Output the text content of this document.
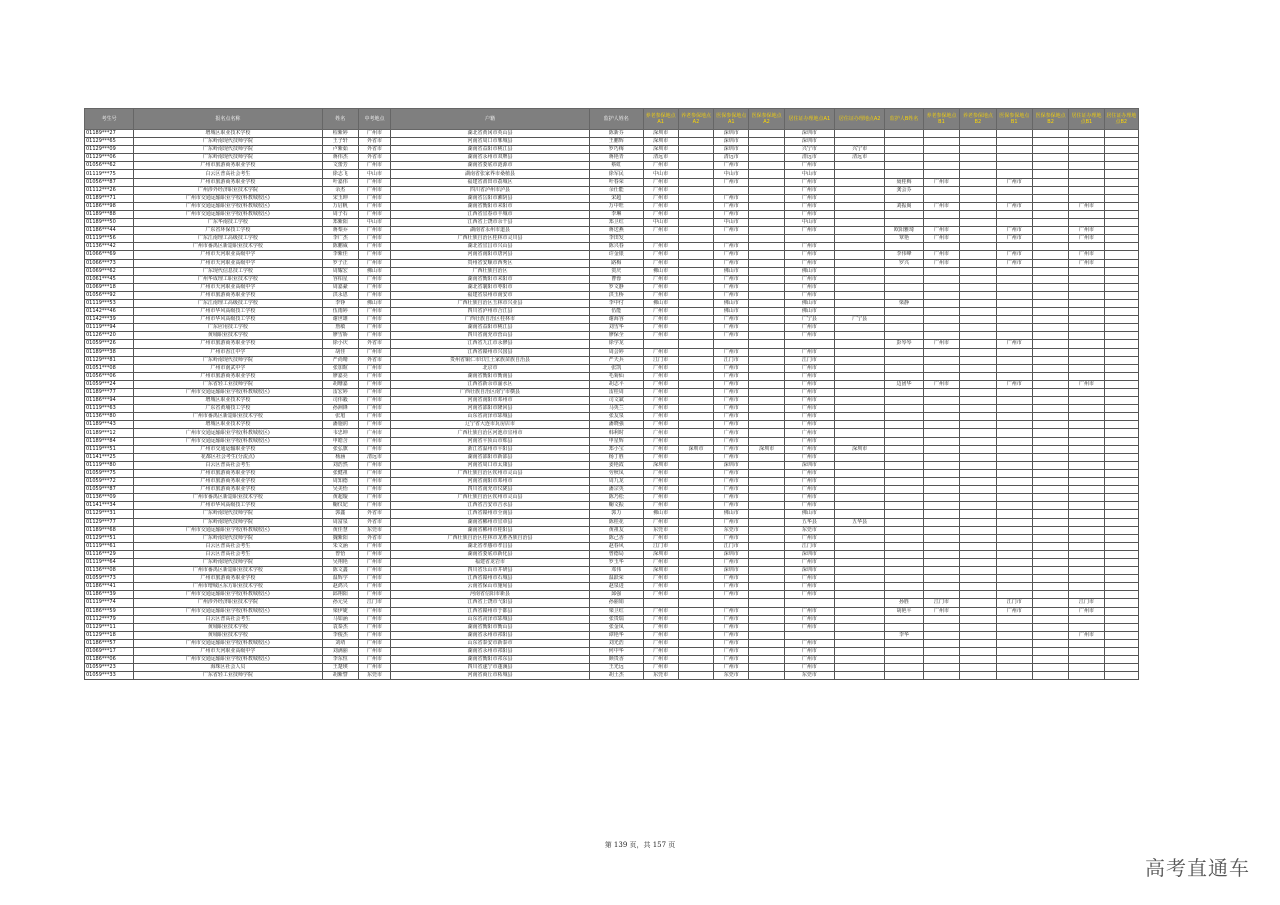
考生号	报名点名称	姓名	中考地点	户籍	监护人姓名	养老参保地点A1	养老参保地点A2	医保参保地点A1	医保参保地点A2	居住证办理地点A1	居住证办理地点A2	监护人B姓名	养老参保地点B1	养老参保地点B2	医保参保地点B1	医保参保地点B2	居住证办理地点B1	居住证办理地点B2
01189***27	增城区职业技术学校	程紫婷	广州市	湖北省黄冈市英山县	陈新芬	深圳市		深圳市		深圳市								
01129***65	广东岭南现代技师学院	王子轩	外省市	河南省周口市郸城县	王鹏辉	深圳市		深圳市		深圳市								
01129***09	广东岭南现代技师学院	卢紫茹	外省市	湖南省益阳市桃江县	罗巧梅	深圳市		深圳市		兴宁市	兴宁市							
01129***06	广东岭南现代技师学院	蒋伟杰	外省市	湖南省永州市双牌县	蒋艳青	清远市		清远市		清远市	清远市							
01056***62	广州市旅游商务职业学校	文蕾芳	广州市	湖南省娄底市涟源市	蔡虹	广州市		广州市		广州市								
01119***75	白云区普高社会考生	徐志飞	中山市	湖南省张家界市桑植县	徐军民	中山市		中山市		中山市								
01056***87	广州市旅游商务职业学校	叶嘉伟	广州市	福建省莆田市荔城区	叶春荣	广州市		广州市		广州市		聂桂梅	广州市		广州市			
01112***26	广州涉外经济职业技术学院	余杰	广州市	四川省泸州市泸县	余仕能	广州市				广州市		龚会芬						
01189***71	广州市交通运输职业学校(科教城校区)	宋玉坤	广州市	湖南省岳阳市湘阴县	宋超	广州市		广州市		广州市								
01186***98	广州市交通运输职业学校(科教城校区)	万启帆	广州市	湖南省衡阳市耒阳市	万中旺	广州市		广州市		广州市		刘振阁	广州市		广州市		广州市	
01189***88	广州市交通运输职业学校(科教城校区)	周子石	广州市	江西省宜春市丰城市	李琳	广州市		广州市		广州市								
01189***50	广东华南技工学校	郑紫阳	中山市	江西省上饶市余干县	郑卫红	中山市		中山市		中山市								
01186***44	广东省环保技工学校	蒋梨乔	广州市	湖南省永州市道县	蒋送燕	广州市		广州市		广州市		欧阳雅琦	广州市		广州市		广州市	
01119***56	广东江南理工高级技工学校	李广杰	广州市	广西壮族自治区桂林市灵川县	李田发							覃艳	广州市		广州市		广州市	
01136***42	广州市番禺区新造职业技术学校	陈鹏威	广州市	湖北省宜昌市兴山县	陈兴春	广州市		广州市		广州市								
01066***69	广州市天河职业高级中学	李紫佳	广州市	河南省南阳市唐河县	许金银	广州市		广州市		广州市		李伟峰	广州市		广州市		广州市	
01066***73	广州市天河职业高级中学	罗子正	广州市	贵州省安顺市西秀区	路梅	广州市		广州市		广州市		罗兴	广州市		广州市		广州市	
01069***62	广东现代信息技工学校	周耀宏	佛山市	广西壮族自治区	贺庆	佛山市		佛山市		佛山市								
01061***45	广州华成理工职业技术学校	容柏星	广州市	湖南省衡阳市耒阳市	曹蓉	广州市		广州市		广州市								
01069***18	广州市天河职业高级中学	周嘉豪	广州市	湖北省襄阳市枣阳市	罗文静	广州市		广州市		广州市								
01056***92	广州市旅游商务职业学校	洪永恩	广州市	福建省泉州市南安市	洪玉桥	广州市		广州市		广州市								
01119***53	广东江南理工高级技工学校	李铮	佛山市	广西壮族自治区玉林市兴业县	李中付	佛山市		佛山市		佛山市		梁静						
01142***46	广州市华风高级技工学校	伍雨婷	广州市	四川省泸州市合江县	伍能	广州市		佛山市		佛山市								
01142***39	广州市华风高级技工学校	谢世雄	广州市	广西壮族自治区桂林市	谢海容	广州市		广州市		广宁县	广宁县							
01119***94	广东应用技工学校	詹敏	广州市	湖南省益阳市桃江县	刘雪华	广州市		广州市		广州市								
01126***20	黄埔职业技术学校	廖雪娇	广州市	四川省南充市营山县	廖保全	广州市		广州市		广州市								
01059***26	广州市旅游商务职业学校	徐小庆	外省市	江西省九江市永修县	徐学龙							彭琴琴	广州市		广州市			
01189***38	广州市香江中学	胡佳	广州市	江西省赣州市兴国县	周会婷	广州市		广州市		广州市								
01129***81	广东岭南现代技师学院	严尚晴	外省市	贵州省铜仁市印江土家族苗族自治县	严天兵	江门市		江门市		江门市								
01051***08	广州市南武中学	张加暄	广州市	北京市	张凯	广州市		广州市		广州市								
01056***06	广州市旅游商务职业学校	廖嘉亮	广州市	湖南省衡阳市衡南县	毛菊仙	广州市		广州市		广州市								
01059***24	广东省轻工业技师学院	胡珊嘉	广州市	江西省新余市渝水区	胡志平	广州市		广州市		广州市		边团华	广州市		广州市		广州市	
01189***77	广州市交通运输职业学校(科教城校区)	雷宏婷	广州市	广西壮族自治区南宁市横县	雷桂周	广州市		广州市		广州市								
01186***94	增城区职业技术学校	司伟毅	广州市	河南省南阳市邓州市	司文斌	广州市		广州市		广州市								
01119***63	广东省黄埔技工学校	孙洲锋	广州市	河南省邵阳市隆回县	马英兰	广州市		广州市		广州市								
01136***80	广州市番禺区新造职业技术学校	张旭	广州市	山东省菏泽市郓城县	张友泉	广州市		广州市		广州市								
01189***43	增城区职业技术学校	潘施润	广州市	辽宁省大连市瓦房店市	潘晓强	广州市		广州市		广州市								
01189***12	广州市交通运输职业学校(科教城校区)	韦忠坤	广州市	广西壮族自治区河池市宜州市	韩利时	广州市		广州市		广州市								
01189***84	广州市交通运输职业学校(科教城校区)	申皓含	广州市	河南省平顶山市郏县	申星辉	广州市		广州市		广州市								
01119***51	广州市交通运输职业学校	张弘旗	广州市	浙江省温州市平阳县	郑小宝	广州市	深圳市	广州市	深圳市	广州市	深圳市							
01141***25	花都区社会考生(分流点)	杨涵	清远市	湖南省邵阳市新邵县	杨丁胜	广州市		广州市		广州市								
01119***80	白云区普高社会考生	刘浩然	广州市	河南省周口市太康县	姜艳霞	深圳市		深圳市		深圳市								
01059***75	广州市旅游商务职业学校	张健祖	广州市	广西壮族自治区钦州市灵山县	劳秋凤	广州市		广州市		广州市								
01059***72	广州市旅游商务职业学校	周知德	广州市	河南省南阳市邓州市	周九龙	广州市		广州市		广州市								
01059***87	广州市旅游商务职业学校	吴美怡	广州市	四川省南充市仪陇县	潘宗英	广州市		广州市		广州市								
01136***09	广州市番禺区新造职业技术学校	黄超璇	广州市	广西壮族自治区钦州市灵山县	陈乃松	广州市		广州市		广州市								
01141***34	广州市华风高级技工学校	鞠仪妃	广州市	江西省吉安市吉水县	鞠文振	广州市		广州市		广州市								
01129***31	广东岭南现代技师学院	郭鑫	外省市	江西省赣州市全南县	郭力	佛山市		佛山市		佛山市								
01129***77	广东岭南现代技师学院	周富泉	外省市	湖南省郴州市宜章县	陈桂花	广州市		广州市		五华县	五华县							
01189***68	广州市交通运输职业学校(科教城校区)	黄佳慧	东莞市	湖南省郴州市桂阳县	黄祖友	东莞市		东莞市		东莞市								
01129***51	广东岭南现代技师学院	魏紫阳	外省市	广西壮族自治区桂林市龙胜各族自治县	陈己香	广州市		广州市		广州市								
01119***61	白云区普高社会考生	朱文涵	广州市	湖北省孝感市孝昌县	赵春风	江门市		江门市		江门市								
01116***29	白云区普高社会考生	曾悟	广州市	湖南省娄底市新化县	曾德局	深圳市		深圳市		深圳市								
01119***64	广东岭南现代技师学院	吴翔艳	广州市	福建省龙岩市	罗玉华	广州市		广州市		广州市								
01136***08	广州市番禺区新造职业技术学校	陈文鑫	广州市	四川省乐山市井研县	邓伟	深圳市		深圳市		深圳市								
01059***73	广州市旅游商务职业学校	温辉学	广州市	江西省赣州市石城县	温跃荣	广州市		广州市		广州市								
01186***41	广州市增城区东方职业技术学校	赵鸿兴	广州市	云南省保山市施甸县	赵泉进	广州市		广州市		广州市								
01186***39	广州市交通运输职业学校(科教城校区)	邱翔阳	广州市	河南省信阳市新县	邱强	广州市		广州市		广州市								
01119***74	广州涉外经济职业技术学院	孙元昊	江门市	江西省上饶市弋阳县	孙丽娟							孙胜	江门市		江门市		江门市	
01186***59	广州市交通运输职业学校(科教城校区)	梁伊婕	广州市	江西省赣州市于都县	梁卫红	广州市		广州市		广州市		胡艳平	广州市		广州市		广州市	
01112***79	白云区普高社会考生	马如涵	广州市	山东省菏泽市郓城县	张贵瑞	广州市		广州市		广州市								
01129***11	黄埔职业技术学校	袁泰杰	广州市	湖南省衡阳市衡山县	张金凤	广州市		广州市		广州市								
01129***18	黄埔职业技术学校	李俊杰	广州市	湖南省永州市祁阳县	谭艳华	广州市		广州市				李华					广州市	
01186***57	广州市交通运输职业学校(科教城校区)	刘靖	广州市	山东省泰安市新泰市	刘光浩	广州市		广州市		广州市								
01069***17	广州市天河职业高级中学	刘满丽	广州市	湖南省永州市祁阳县	何中华	广州市		广州市		广州市								
01186***06	广州市交通运输职业学校(科教城校区)	李东恒	广州市	湖南省衡阳市祁东县	颜贵香	广州市		广州市		广州市								
01059***23	海珠区社会人员	王楚瑛	广州市	四川省遂宁市蓬溪县	王光远	广州市		广州市		广州市								
01059***33	广东省轻工业技师学院	胡紫譬	东莞市	河南省商丘市柘城县	胡土杰	东莞市		东莞市		东莞市								
第 139 页，共 157 页
高考直通车
